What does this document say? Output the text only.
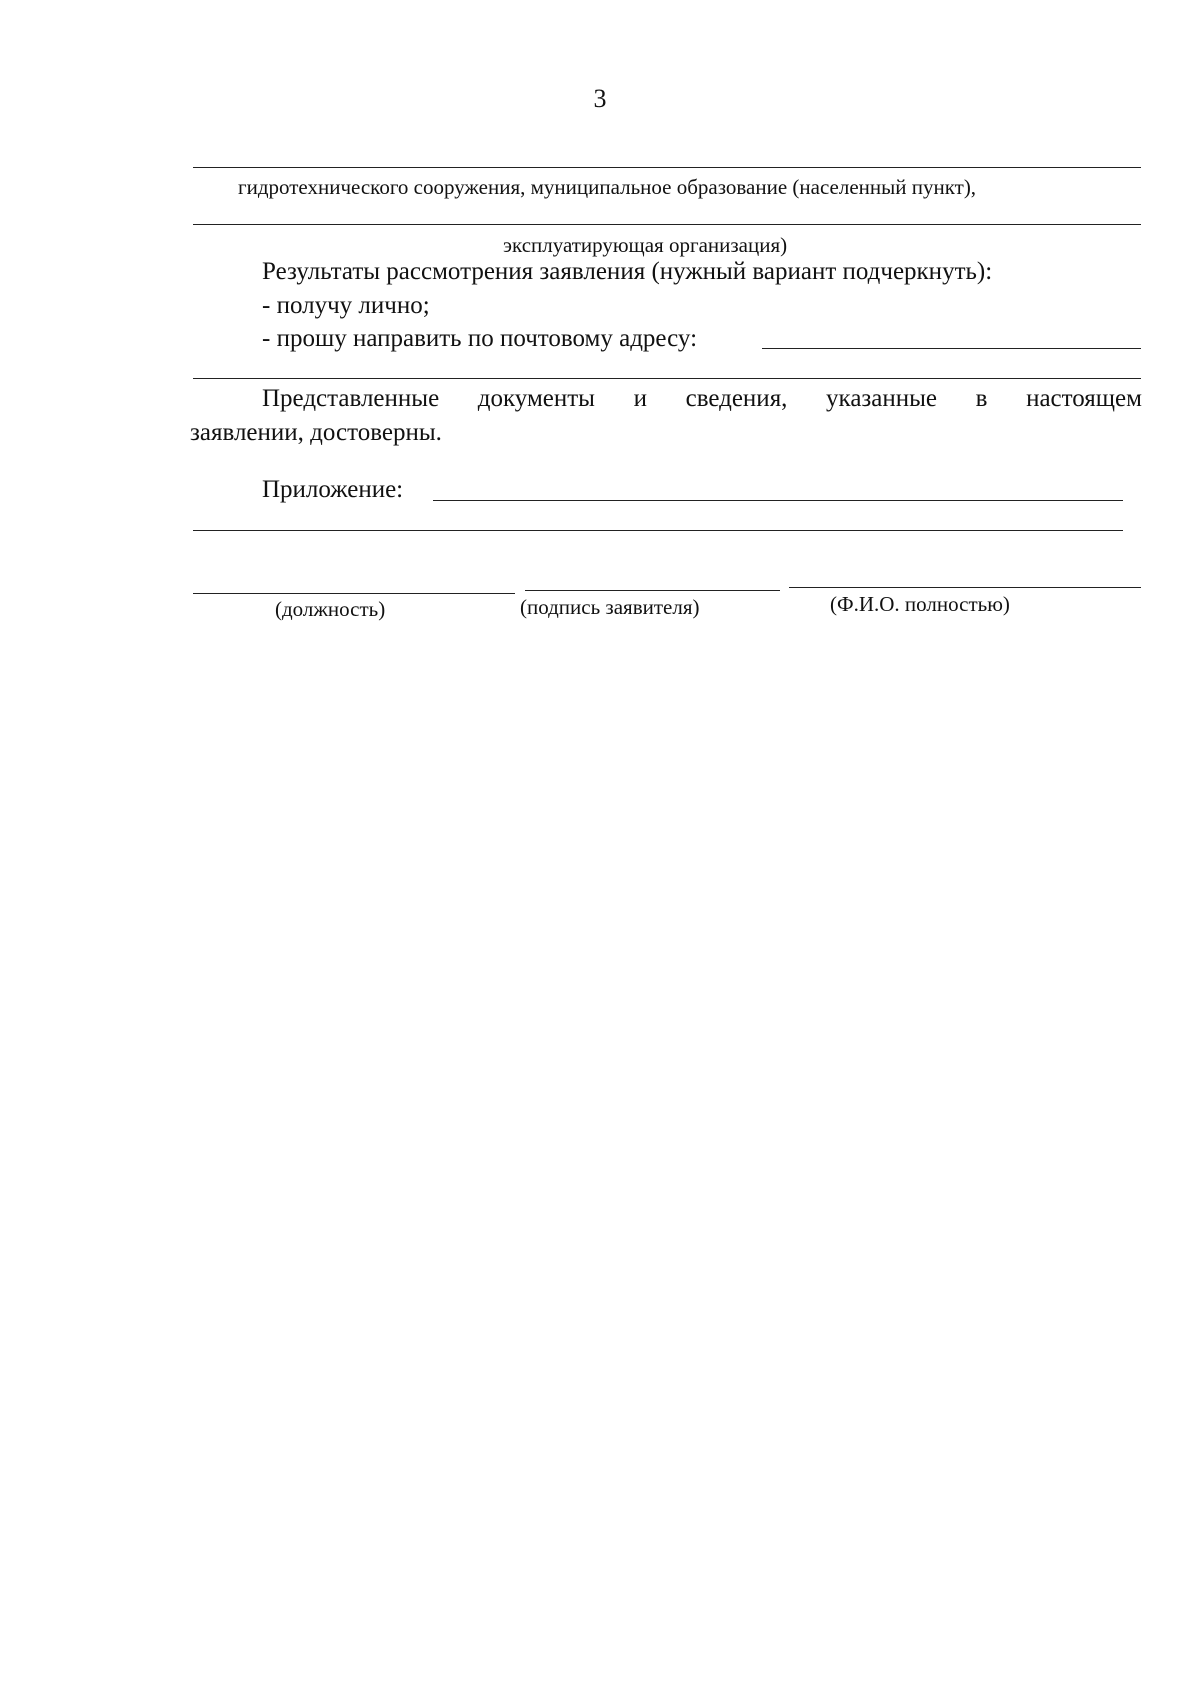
3
гидротехнического сооружения, муниципальное образование (населенный пункт),
эксплуатирующая организация)
Результаты рассмотрения заявления (нужный вариант подчеркнуть):
- получу лично;
- прошу направить по почтовому адресу:
Представленные документы и сведения, указанные в настоящем
заявлении, достоверны.
Приложение:
(должность)	(подпись заявителя)	(Ф.И.О. полностью)
